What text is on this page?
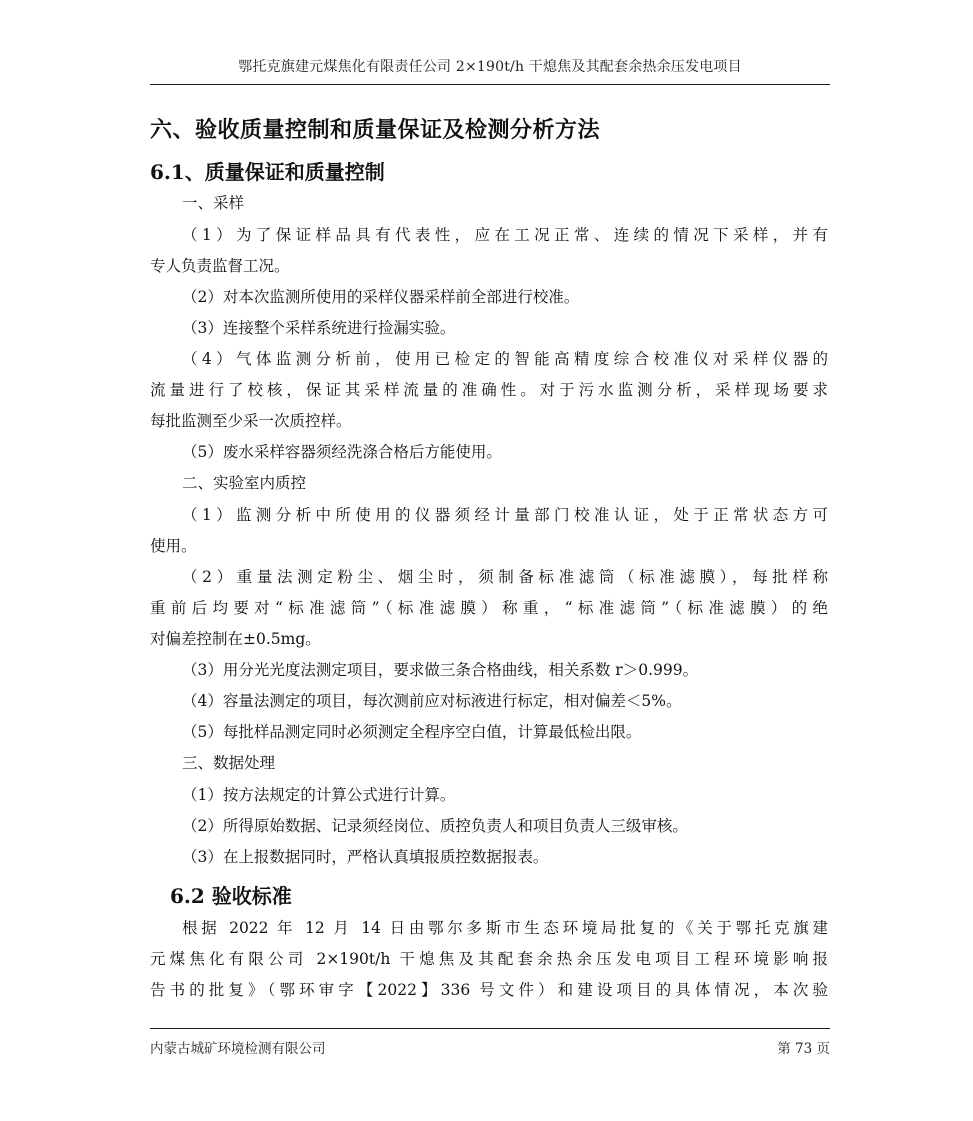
鄂托克旗建元煤焦化有限责任公司 2×190t/h 干熄焦及其配套余热余压发电项目
六、验收质量控制和质量保证及检测分析方法
6.1、质量保证和质量控制
一、采样
（1）为了保证样品具有代表性，应在工况正常、连续的情况下采样，并有
专人负责监督工况。
（2）对本次监测所使用的采样仪器采样前全部进行校准。
（3）连接整个采样系统进行捡漏实验。
（4）气体监测分析前，使用已检定的智能高精度综合校准仪对采样仪器的
流量进行了校核，保证其采样流量的准确性。对于污水监测分析，采样现场要求
每批监测至少采一次质控样。
（5）废水采样容器须经洗涤合格后方能使用。
二、实验室内质控
（1）监测分析中所使用的仪器须经计量部门校准认证，处于正常状态方可
使用。
（2）重量法测定粉尘、烟尘时，须制备标准滤筒（标准滤膜），每批样称
重前后均要对“标准滤筒”（标准滤膜）称重，“标准滤筒”（标准滤膜）的绝
对偏差控制在±0.5mg。
（3）用分光光度法测定项目，要求做三条合格曲线，相关系数 r＞0.999。
（4）容量法测定的项目，每次测前应对标液进行标定，相对偏差＜5%。
（5）每批样品测定同时必须测定全程序空白值，计算最低检出限。
三、数据处理
（1）按方法规定的计算公式进行计算。
（2）所得原始数据、记录须经岗位、质控负责人和项目负责人三级审核。
（3）在上报数据同时，严格认真填报质控数据报表。
6.2 验收标准
根据 2022 年 12 月 14 日由鄂尔多斯市生态环境局批复的《关于鄂托克旗建
元煤焦化有限公司 2×190t/h 干熄焦及其配套余热余压发电项目工程环境影响报
告书的批复》（鄂环审字【2022】336 号文件）和建设项目的具体情况，本次验
内蒙古城矿环境检测有限公司	第 73 页
